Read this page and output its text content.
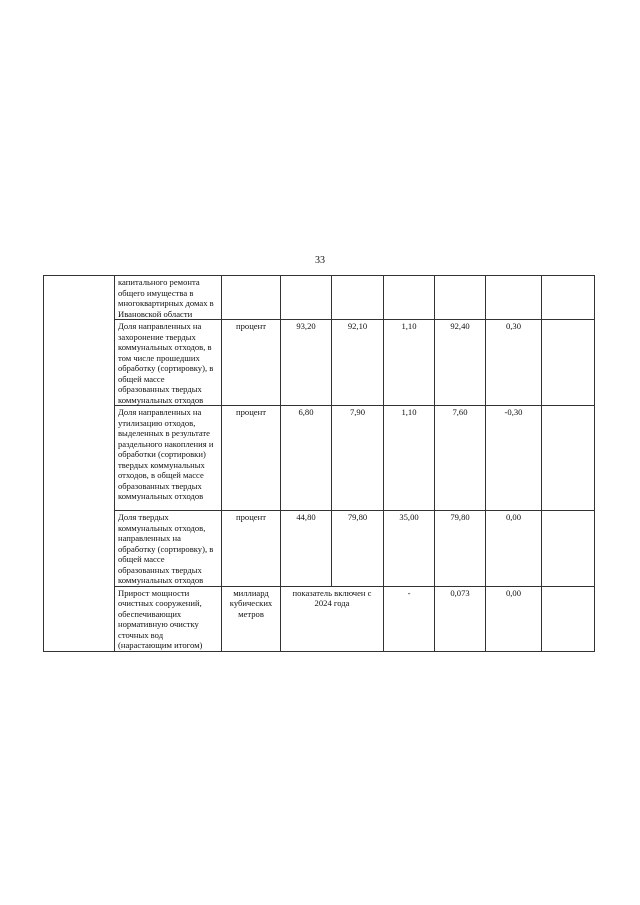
33
	капитального ремонта общего имущества в многоквартирных домах в Ивановской области							
	Доля направленных на захоронение твердых коммунальных отходов, в том числе прошедших обработку (сортировку), в общей массе образованных твердых коммунальных отходов	процент	93,20	92,10	1,10	92,40	0,30	
	Доля направленных на утилизацию отходов, выделенных в результате раздельного накопления и обработки (сортировки) твердых коммунальных отходов, в общей массе образованных твердых коммунальных отходов	процент	6,80	7,90	1,10	7,60	-0,30	
	Доля твердых коммунальных отходов, направленных на обработку (сортировку), в общей массе образованных твердых коммунальных отходов	процент	44,80	79,80	35,00	79,80	0,00	
	Прирост мощности очистных сооружений, обеспечивающих нормативную очистку сточных вод (нарастающим итогом)	миллиард кубических метров	показатель включен с 2024 года		-	0,073	0,00	
